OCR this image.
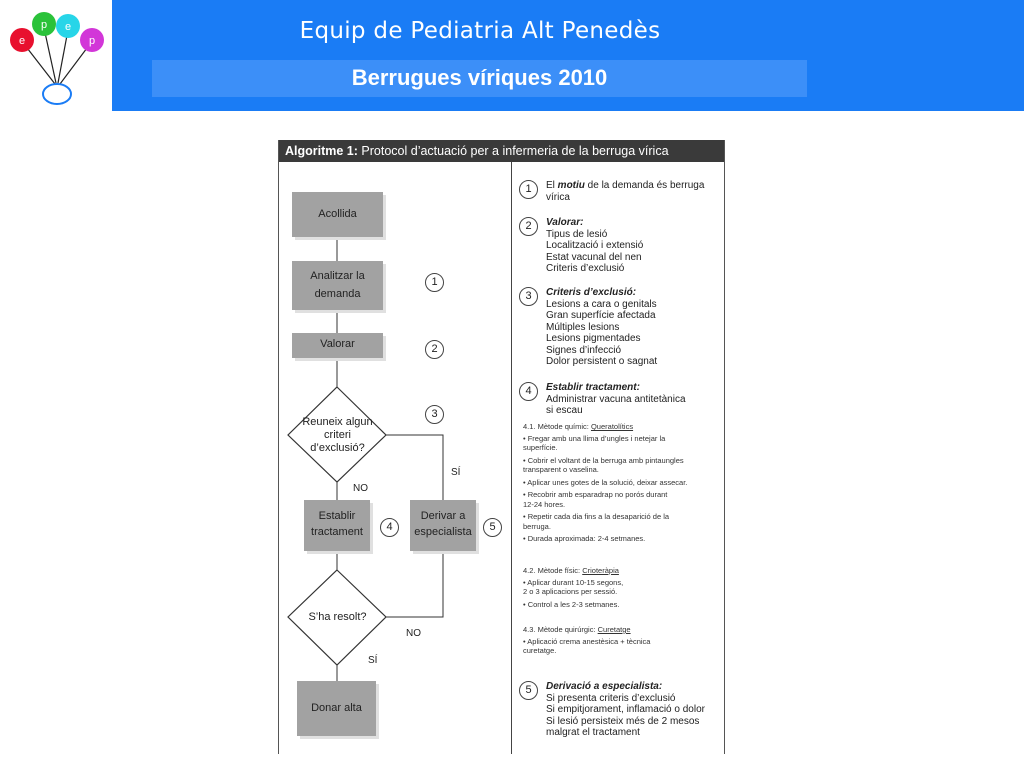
e
p e
p	Equip de Pediatria Alt Penedès
Berrugues víriques 2010
Algoritme 1: Protocol d’actuació per a infermeria de la berruga vírica
Acollida
Analitzar la
demanda
Valorar
Reuneix algun
criteri
d’exclusió?
Establir
tractament
Derivar a
especialista
S’ha resolt?
Donar alta
SÍ
NO
NO
SÍ
1
2
3
4	5
1	El motiu de la demanda és berruga
vírica
2	Valorar:
Tipus de lesió
Localització i extensió
Estat vacunal del nen
Criteris d’exclusió
3	Criteris d’exclusió:
Lesions a cara o genitals
Gran superfície afectada
Múltiples lesions
Lesions pigmentades
Signes d’infecció
Dolor persistent o sagnat
4	Establir tractament:
Administrar vacuna antitetànica
si escau
4.1. Mètode químic: Queratolítics
• Fregar amb una llima d’ungles i netejar la
superfície.
• Cobrir el voltant de la berruga amb pintaungles
transparent o vaselina.
• Aplicar unes gotes de la solució, deixar assecar.
• Recobrir amb esparadrap no porós durant
12-24 hores.
• Repetir cada dia fins a la desaparició de la
berruga.
• Durada aproximada: 2-4 setmanes.
4.2. Mètode físic: Crioteràpia
• Aplicar durant 10-15 segons,
2 o 3 aplicacions per sessió.
• Control a les 2-3 setmanes.
4.3. Mètode quirúrgic: Curetatge
• Aplicació crema anestèsica + tècnica
curetatge.
5	Derivació a especialista:
Si presenta criteris d’exclusió
Si empitjorament, inflamació o dolor
Si lesió persisteix més de 2 mesos
malgrat el tractament
